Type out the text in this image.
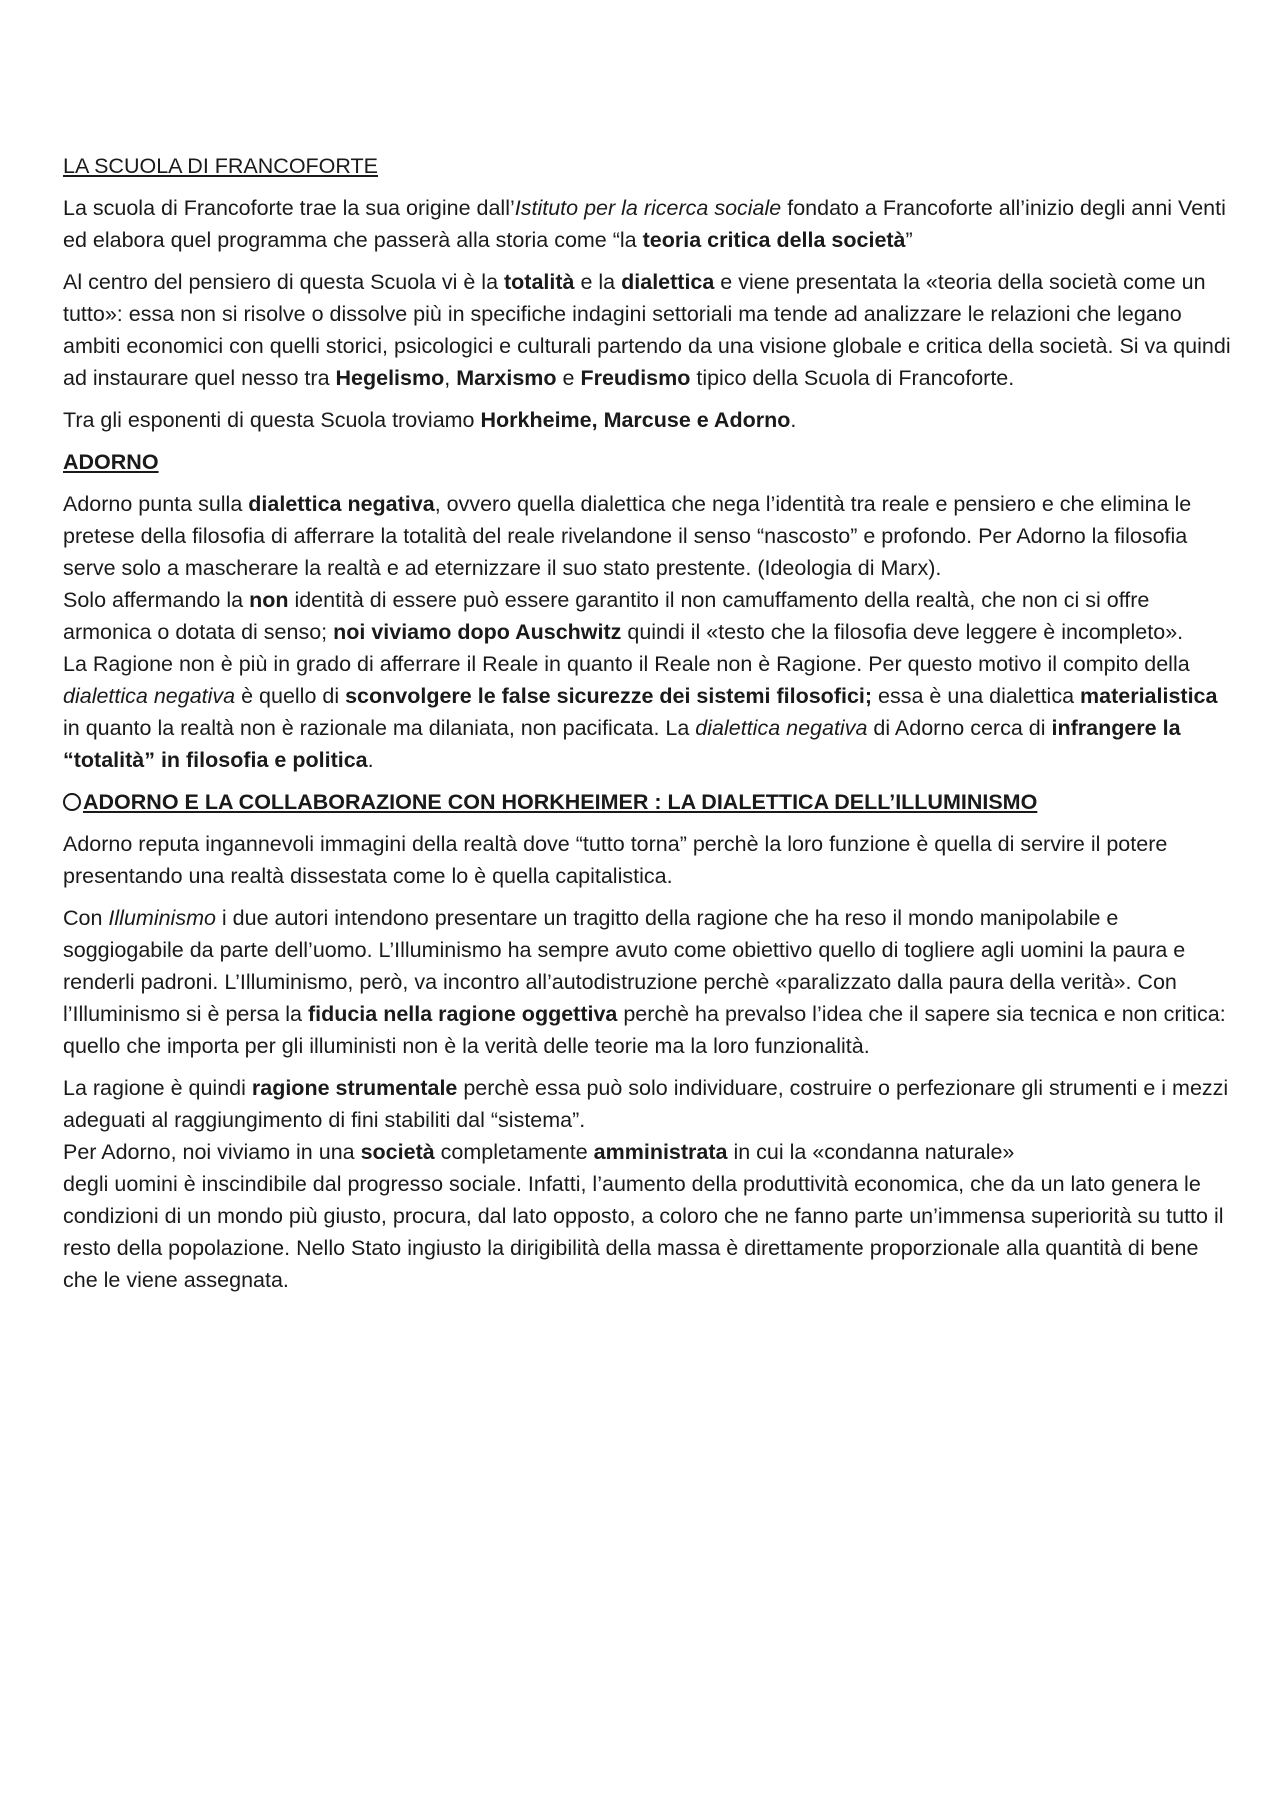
LA SCUOLA DI FRANCOFORTE

La scuola di Francoforte trae la sua origine dall’Istituto per la ricerca sociale fondato a Francoforte all’inizio degli anni Venti ed elabora quel programma che passerà alla storia come “la teoria critica della società”

Al centro del pensiero di questa Scuola vi è la totalità e la dialettica e viene presentata la «teoria della società come un tutto»: essa non si risolve o dissolve più in specifiche indagini settoriali ma tende ad analizzare le relazioni che legano ambiti economici con quelli storici, psicologici e culturali partendo da una visione globale e critica della società. Si va quindi ad instaurare quel nesso tra Hegelismo, Marxismo e Freudismo tipico della Scuola di Francoforte.

Tra gli esponenti di questa Scuola troviamo Horkheime, Marcuse e Adorno.

ADORNO

Adorno punta sulla dialettica negativa, ovvero quella dialettica che nega l’identità tra reale e pensiero e che elimina le pretese della filosofia di afferrare la totalità del reale rivelandone il senso “nascosto” e profondo. Per Adorno la filosofia serve solo a mascherare la realtà e ad eternizzare il suo stato prestente. (Ideologia di Marx).

Solo affermando la non identità di essere può essere garantito il non camuffamento della realtà, che non ci si offre armonica o dotata di senso; noi viviamo dopo Auschwitz quindi il «testo che la filosofia deve leggere è incompleto».

La Ragione non è più in grado di afferrare il Reale in quanto il Reale non è Ragione. Per questo motivo il compito della dialettica negativa è quello di sconvolgere le false sicurezze dei sistemi filosofici; essa è una dialettica materialistica in quanto la realtà non è razionale ma dilaniata, non pacificata. La dialettica negativa di Adorno cerca di infrangere la “totalità” in filosofia e politica.

ADORNO E LA COLLABORAZIONE CON HORKHEIMER : LA DIALETTICA DELL’ILLUMINISMO

Adorno reputa ingannevoli immagini della realtà dove “tutto torna” perchè la loro funzione è quella di servire il potere presentando una realtà dissestata come lo è quella capitalistica.

Con Illuminismo i due autori intendono presentare un tragitto della ragione che ha reso il mondo manipolabile e soggiogabile da parte dell’uomo. L’Illuminismo ha sempre avuto come obiettivo quello di togliere agli uomini la paura e renderli padroni. L’Illuminismo, però, va incontro all’autodistruzione perchè «paralizzato dalla paura della verità». Con l’Illuminismo si è persa la fiducia nella ragione oggettiva perchè ha prevalso l’idea che il sapere sia tecnica e non critica: quello che importa per gli illuministi non è la verità delle teorie ma la loro funzionalità.

La ragione è quindi ragione strumentale perchè essa può solo individuare, costruire o perfezionare gli strumenti e i mezzi adeguati al raggiungimento di fini stabiliti dal “sistema”.

Per Adorno, noi viviamo in una società completamente amministrata in cui la «condanna naturale»

degli uomini è inscindibile dal progresso sociale. Infatti, l’aumento della produttività economica, che da un lato genera le condizioni di un mondo più giusto, procura, dal lato opposto, a coloro che ne fanno parte un’immensa superiorità su tutto il resto della popolazione. Nello Stato ingiusto la dirigibilità della massa è direttamente proporzionale alla quantità di bene che le viene assegnata.
